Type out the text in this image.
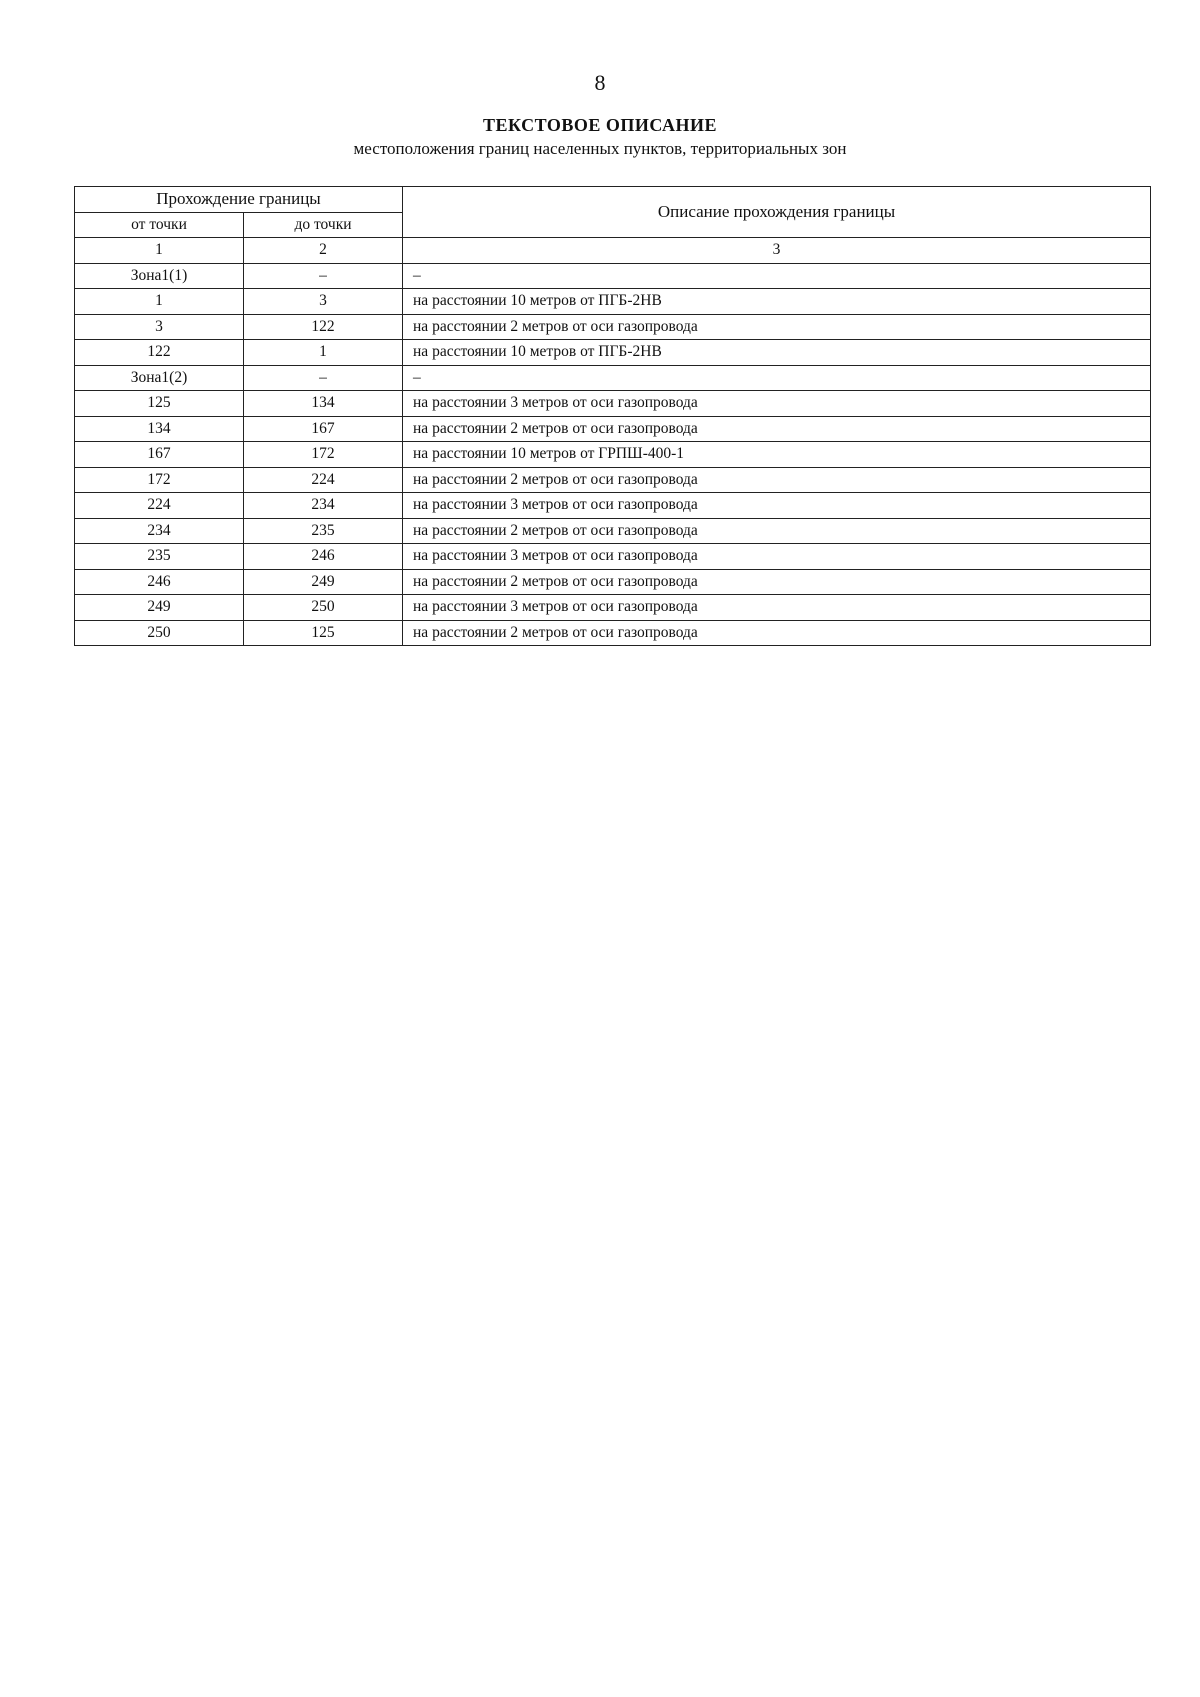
8
ТЕКСТОВОЕ ОПИСАНИЕ
местоположения границ населенных пунктов, территориальных зон
Прохождение границы		Описание прохождения границы
от точки	до точки	
1	2	3
Зона1(1)	–	–
1	3	на расстоянии 10 метров от ПГБ-2НВ
3	122	на расстоянии 2 метров от оси газопровода
122	1	на расстоянии 10 метров от ПГБ-2НВ
Зона1(2)	–	–
125	134	на расстоянии 3 метров от оси газопровода
134	167	на расстоянии 2 метров от оси газопровода
167	172	на расстоянии 10 метров от ГРПШ-400-1
172	224	на расстоянии 2 метров от оси газопровода
224	234	на расстоянии 3 метров от оси газопровода
234	235	на расстоянии 2 метров от оси газопровода
235	246	на расстоянии 3 метров от оси газопровода
246	249	на расстоянии 2 метров от оси газопровода
249	250	на расстоянии 3 метров от оси газопровода
250	125	на расстоянии 2 метров от оси газопровода
